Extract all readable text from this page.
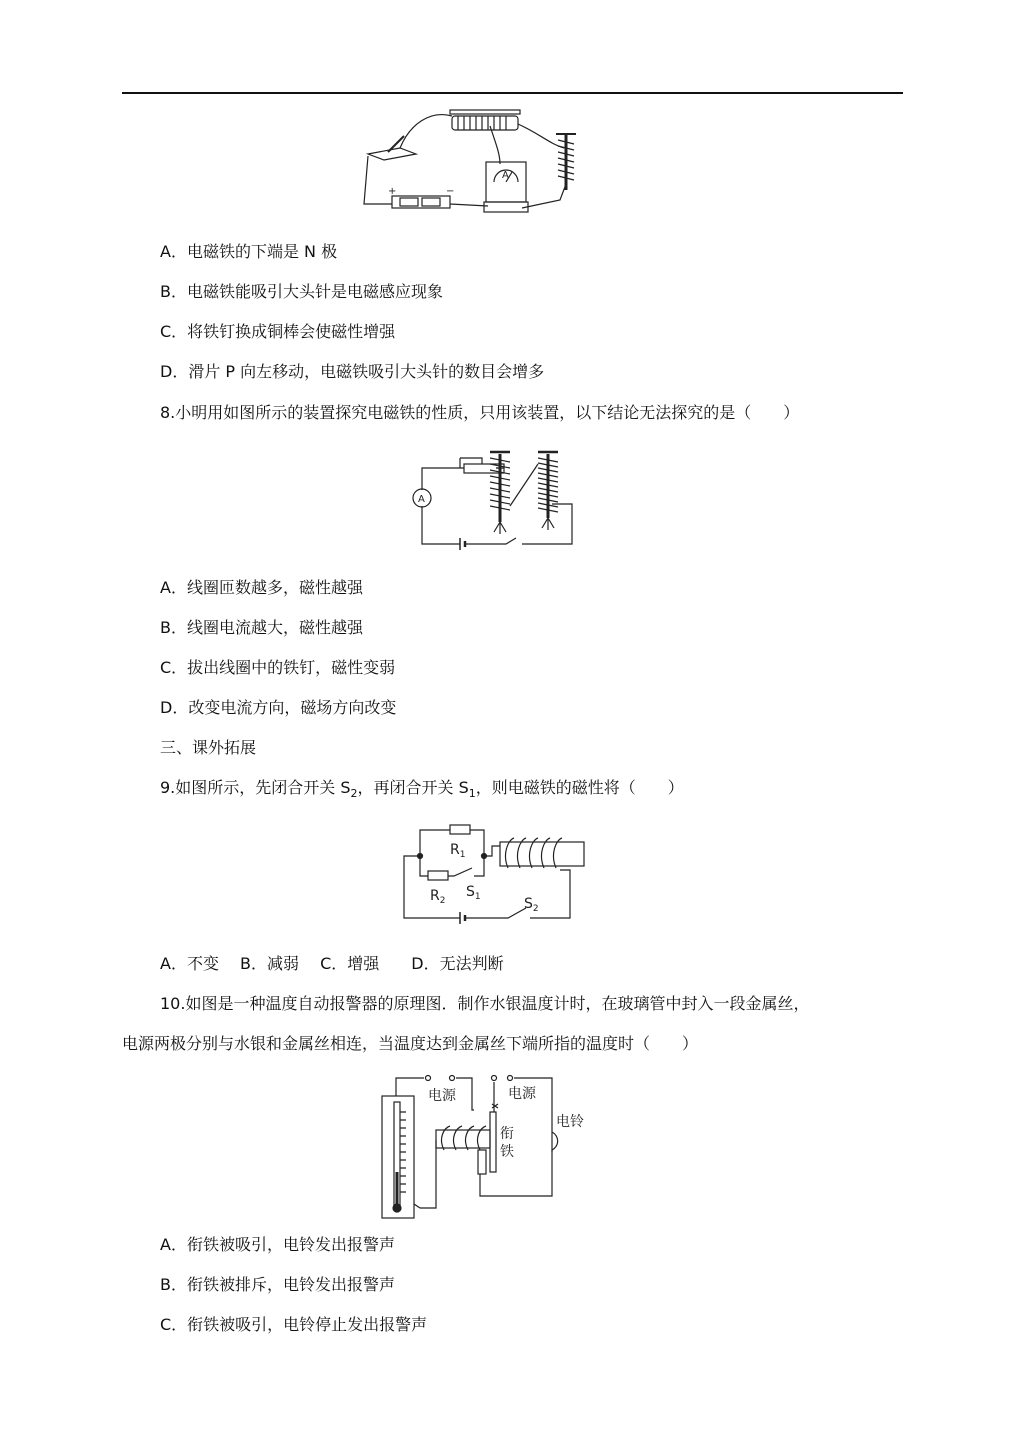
+	−
A
A．电磁铁的下端是 N 极
B．电磁铁能吸引大头针是电磁感应现象
C．将铁钉换成铜棒会使磁性增强
D．滑片 P 向左移动，电磁铁吸引大头针的数目会增多
8.小明用如图所示的装置探究电磁铁的性质，只用该装置，以下结论无法探究的是（　　）
A
A．线圈匝数越多，磁性越强
B．线圈电流越大，磁性越强
C．拔出线圈中的铁钉，磁性变弱
D．改变电流方向，磁场方向改变
三、课外拓展
9.如图所示，先闭合开关 $S_2$，再闭合开关 $S_1$，则电磁铁的磁性将（　　）
$R_1$
$R_2$
$S_1$	$S_2$
A．不变　 B．减弱　 C．增强　　D．无法判断
10.如图是一种温度自动报警器的原理图．制作水银温度计时，在玻璃管中封入一段金属丝，
电源两极分别与水银和金属丝相连，当温度达到金属丝下端所指的温度时（　　）
电源	电源
电铃
衔
铁
A．衔铁被吸引，电铃发出报警声
B．衔铁被排斥，电铃发出报警声
C．衔铁被吸引，电铃停止发出报警声
